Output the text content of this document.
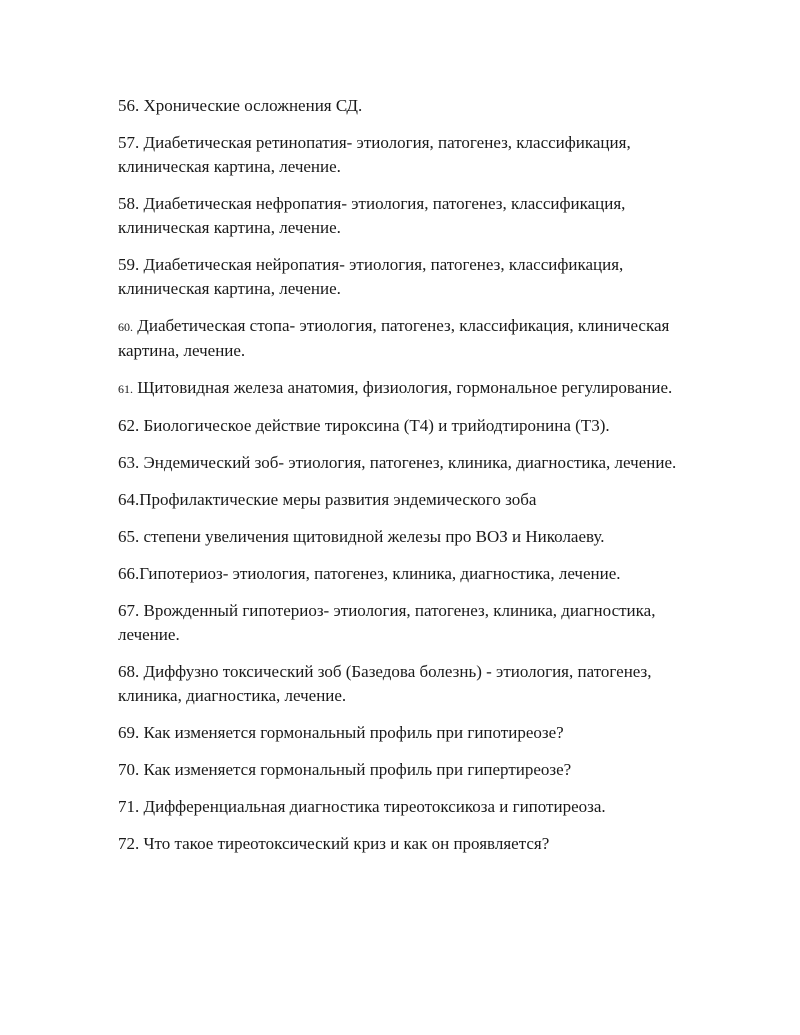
56. Хронические осложнения СД.

57. Диабетическая ретинопатия- этиология, патогенез, классификация, клиническая картина, лечение.

58. Диабетическая нефропатия- этиология, патогенез, классификация, клиническая картина, лечение.

59. Диабетическая нейропатия- этиология, патогенез, классификация, клиническая картина, лечение.

60. Диабетическая стопа- этиология, патогенез, классификация, клиническая картина, лечение.

61. Щитовидная железа анатомия, физиология, гормональное регулирование.

62. Биологическое действие тироксина (Т4) и трийодтиронина (Т3).

63. Эндемический зоб- этиология, патогенез, клиника, диагностика, лечение.

64.Профилактические меры развития эндемического зоба

65. степени увеличения щитовидной железы про ВОЗ и Николаеву.

66.Гипотериоз- этиология, патогенез, клиника, диагностика, лечение.

67. Врожденный гипотериоз- этиология, патогенез, клиника, диагностика, лечение.

68. Диффузно токсический зоб (Базедова болезнь) - этиология, патогенез, клиника, диагностика, лечение.

69. Как изменяется гормональный профиль при гипотиреозе?

70. Как изменяется гормональный профиль при гипертиреозе?

71. Дифференциальная диагностика тиреотоксикоза и гипотиреоза.

72. Что такое тиреотоксический криз и как он проявляется?
